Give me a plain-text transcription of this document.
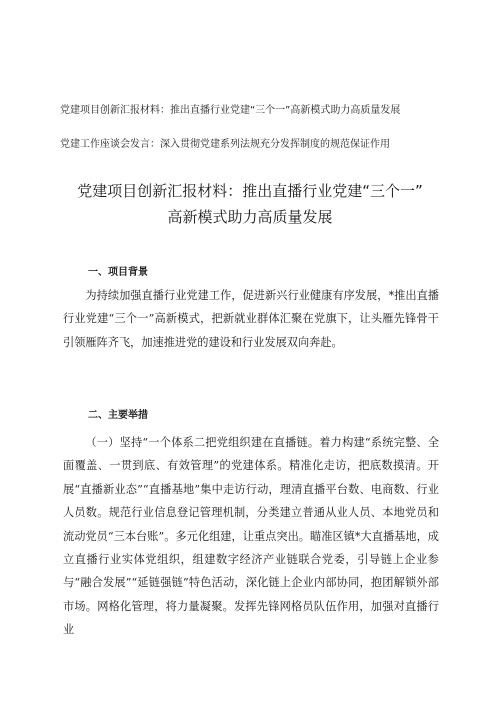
党建项目创新汇报材料：推出直播行业党建“三个一”高新模式助力高质量发展
党建工作座谈会发言：深入贯彻党建系列法规充分发挥制度的规范保证作用
党建项目创新汇报材料：推出直播行业党建“三个一”
高新模式助力高质量发展
一、项目背景

为持续加强直播行业党建工作，促进新兴行业健康有序发展，*推出直播行业党建“三个一”高新模式，把新就业群体汇聚在党旗下，让头雁先锋骨干引领雁阵齐飞，加速推进党的建设和行业发展双向奔赴。

二、主要举措

（一）坚持“一个体系二把党组织建在直播链。着力构建“系统完整、全面覆盖、一贯到底、有效管理”的党建体系。精准化走访，把底数摸清。开展“直播新业态”“直播基地”集中走访行动，理清直播平台数、电商数、行业人员数。规范行业信息登记管理机制，分类建立普通从业人员、本地党员和流动党员“三本台账”。多元化组建，让重点突出。瞄准区镇*大直播基地，成立直播行业实体党组织，组建数字经济产业链联合党委，引导链上企业参与“融合发展”“延链强链”特色活动，深化链上企业内部协同，抱团解锁外部市场。网格化管理，将力量凝聚。发挥先锋网格员队伍作用，加强对直播行业
